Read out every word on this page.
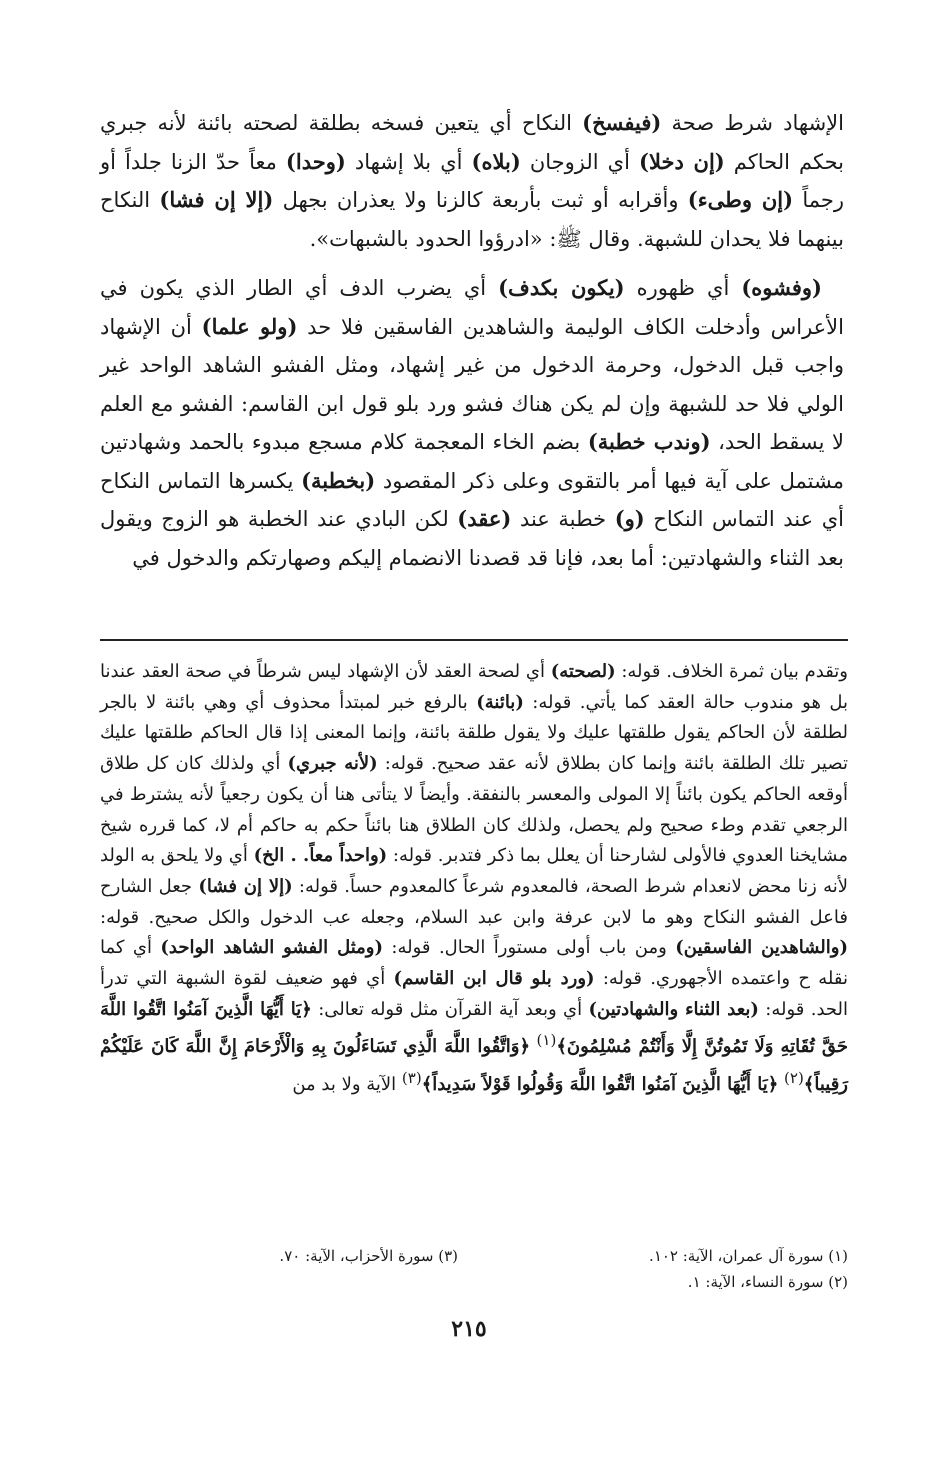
الإشهاد شرط صحة (فيفسخ) النكاح أي يتعين فسخه بطلقة لصحته بائنة لأنه جبري بحكم الحاكم (إن دخلا) أي الزوجان (بلاه) أي بلا إشهاد (وحدا) معاً حدّ الزنا جلداً أو رجماً (إن وطىء) وأقرابه أو ثبت بأربعة كالزنا ولا يعذران بجهل (إلا إن فشا) النكاح بينهما فلا يحدان للشبهة. وقال ﷺ: «ادرؤوا الحدود بالشبهات».

(وفشوه) أي ظهوره (يكون بكدف) أي يضرب الدف أي الطار الذي يكون في الأعراس وأدخلت الكاف الوليمة والشاهدين الفاسقين فلا حد (ولو علما) أن الإشهاد واجب قبل الدخول، وحرمة الدخول من غير إشهاد، ومثل الفشو الشاهد الواحد غير الولي فلا حد للشبهة وإن لم يكن هناك فشو ورد بلو قول ابن القاسم: الفشو مع العلم لا يسقط الحد، (وندب خطبة) بضم الخاء المعجمة كلام مسجع مبدوء بالحمد وشهادتين مشتمل على آية فيها أمر بالتقوى وعلى ذكر المقصود (بخطبة) يكسرها التماس النكاح أي عند التماس النكاح (و) خطبة عند (عقد) لكن البادي عند الخطبة هو الزوج ويقول بعد الثناء والشهادتين: أما بعد، فإنا قد قصدنا الانضمام إليكم وصهارتكم والدخول في

وتقدم بيان ثمرة الخلاف. قوله: (لصحته) أي لصحة العقد لأن الإشهاد ليس شرطاً في صحة العقد عندنا بل هو مندوب حالة العقد كما يأتي. قوله: (بائنة) بالرفع خبر لمبتدأ محذوف أي وهي بائنة لا بالجر لطلقة لأن الحاكم يقول طلقتها عليك ولا يقول طلقة بائنة، وإنما المعنى إذا قال الحاكم طلقتها عليك تصير تلك الطلقة بائنة وإنما كان بطلاق لأنه عقد صحيح. قوله: (لأنه جبري) أي ولذلك كان كل طلاق أوقعه الحاكم يكون بائناً إلا المولى والمعسر بالنفقة. وأيضاً لا يتأتى هنا أن يكون رجعياً لأنه يشترط في الرجعي تقدم وطء صحيح ولم يحصل، ولذلك كان الطلاق هنا بائناً حكم به حاكم أم لا، كما قرره شيخ مشايخنا العدوي فالأولى لشارحنا أن يعلل بما ذكر فتدبر. قوله: (واحداً معاً. . الخ) أي ولا يلحق به الولد لأنه زنا محض لانعدام شرط الصحة، فالمعدوم شرعاً كالمعدوم حساً. قوله: (إلا إن فشا) جعل الشارح فاعل الفشو النكاح وهو ما لابن عرفة وابن عبد السلام، وجعله عب الدخول والكل صحيح. قوله: (والشاهدين الفاسقين) ومن باب أولى مستوراً الحال. قوله: (ومثل الفشو الشاهد الواحد) أي كما نقله ح واعتمده الأجهوري. قوله: (ورد بلو قال ابن القاسم) أي فهو ضعيف لقوة الشبهة التي تدرأ الحد. قوله: (بعد الثناء والشهادتين) أي وبعد آية القرآن مثل قوله تعالى: ﴿يَا أَيُّهَا الَّذِينَ آمَنُوا اتَّقُوا اللَّهَ حَقَّ تُقَاتِهِ وَلَا تَمُوتُنَّ إِلَّا وَأَنْتُمْ مُسْلِمُونَ﴾$^{(١)}$ ﴿وَاتَّقُوا اللَّهَ الَّذِي تَسَاءَلُونَ بِهِ وَالْأَرْحَامَ إِنَّ اللَّهَ كَانَ عَلَيْكُمْ رَقِيباً﴾$^{(٢)}$ ﴿يَا أَيُّهَا الَّذِينَ آمَنُوا اتَّقُوا اللَّهَ وَقُولُوا قَوْلاً سَدِيداً﴾$^{(٣)}$ الآية ولا بد من

(١) سورة آل عمران، الآية: ١٠٢.
(٢) سورة النساء، الآية: ١.
(٣) سورة الأحزاب، الآية: ٧٠.
٢١٥
